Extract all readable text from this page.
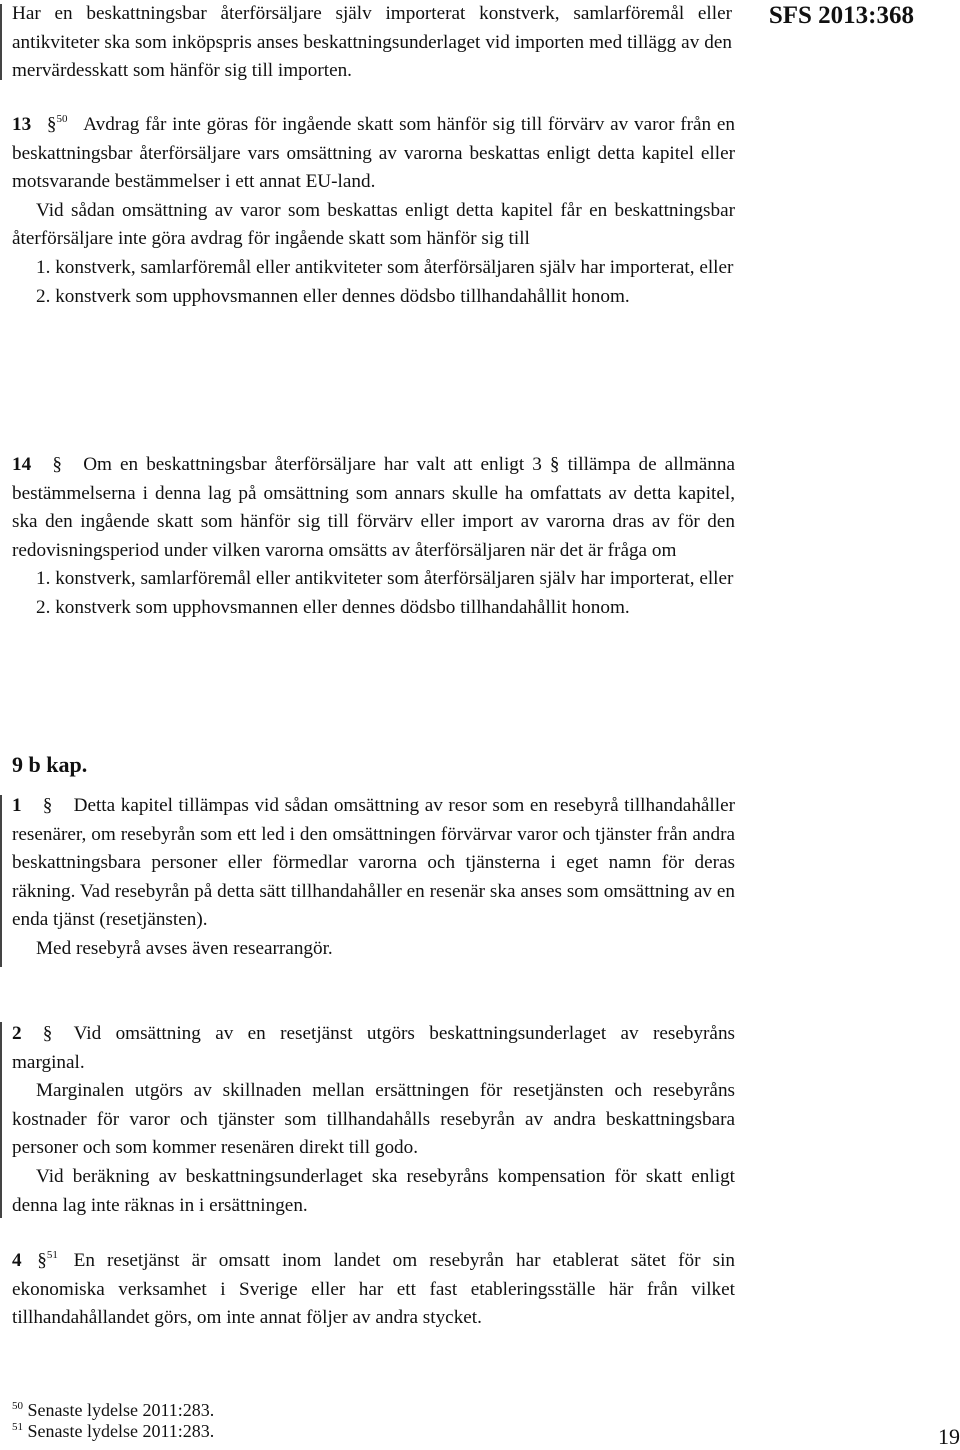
SFS 2013:368

Har en beskattningsbar återförsäljare själv importerat konstverk, samlarföremål eller antikviteter ska som inköpspris anses beskattningsunderlaget vid importen med tillägg av den mervärdesskatt som hänför sig till importen.

13 §$^{50}$ Avdrag får inte göras för ingående skatt som hänför sig till förvärv av varor från en beskattningsbar återförsäljare vars omsättning av varorna beskattas enligt detta kapitel eller motsvarande bestämmelser i ett annat EU-land.

Vid sådan omsättning av varor som beskattas enligt detta kapitel får en beskattningsbar återförsäljare inte göra avdrag för ingående skatt som hänför sig till

1. konstverk, samlarföremål eller antikviteter som återförsäljaren själv har importerat, eller

2. konstverk som upphovsmannen eller dennes dödsbo tillhandahållit honom.

14 § Om en beskattningsbar återförsäljare har valt att enligt 3 § tillämpa de allmänna bestämmelserna i denna lag på omsättning som annars skulle ha omfattats av detta kapitel, ska den ingående skatt som hänför sig till förvärv eller import av varorna dras av för den redovisningsperiod under vilken varorna omsätts av återförsäljaren när det är fråga om

1. konstverk, samlarföremål eller antikviteter som återförsäljaren själv har importerat, eller

2. konstverk som upphovsmannen eller dennes dödsbo tillhandahållit honom.

9 b kap.

1 § Detta kapitel tillämpas vid sådan omsättning av resor som en resebyrå tillhandahåller resenärer, om resebyrån som ett led i den omsättningen förvärvar varor och tjänster från andra beskattningsbara personer eller förmedlar varorna och tjänsterna i eget namn för deras räkning. Vad resebyrån på detta sätt tillhandahåller en resenär ska anses som omsättning av en enda tjänst (resetjänsten).

Med resebyrå avses även researrangör.

2 § Vid omsättning av en resetjänst utgörs beskattningsunderlaget av resebyråns marginal.

Marginalen utgörs av skillnaden mellan ersättningen för resetjänsten och resebyråns kostnader för varor och tjänster som tillhandahålls resebyrån av andra beskattningsbara personer och som kommer resenären direkt till godo.

Vid beräkning av beskattningsunderlaget ska resebyråns kompensation för skatt enligt denna lag inte räknas in i ersättningen.

4 §$^{51}$ En resetjänst är omsatt inom landet om resebyrån har etablerat sätet för sin ekonomiska verksamhet i Sverige eller har ett fast etableringsställe här från vilket tillhandahållandet görs, om inte annat följer av andra stycket.

$^{50}$ Senaste lydelse 2011:283.
$^{51}$ Senaste lydelse 2011:283.	19
